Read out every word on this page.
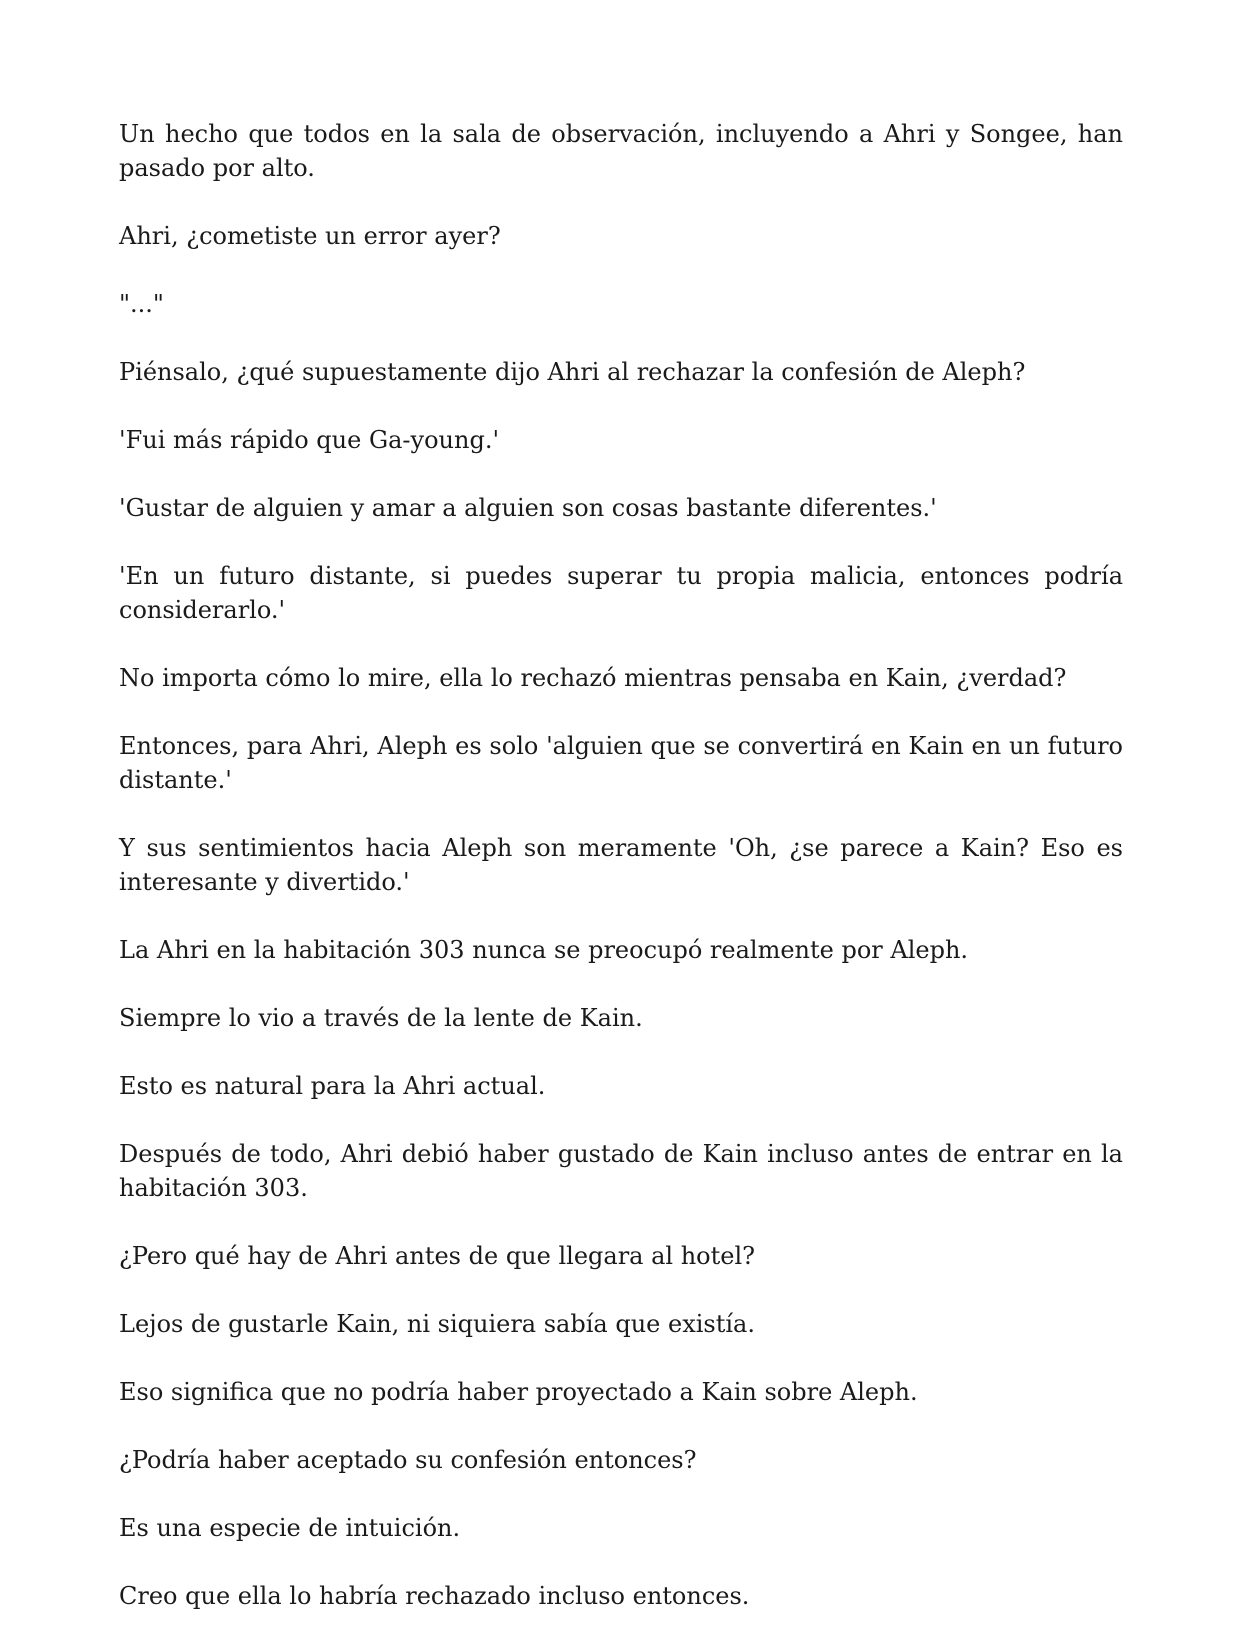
Un hecho que todos en la sala de observación, incluyendo a Ahri y Songee, han pasado por alto.

Ahri, ¿cometiste un error ayer?

"..."

Piénsalo, ¿qué supuestamente dijo Ahri al rechazar la confesión de Aleph?

'Fui más rápido que Ga-young.'

'Gustar de alguien y amar a alguien son cosas bastante diferentes.'

'En un futuro distante, si puedes superar tu propia malicia, entonces podría considerarlo.'

No importa cómo lo mire, ella lo rechazó mientras pensaba en Kain, ¿verdad?

Entonces, para Ahri, Aleph es solo 'alguien que se convertirá en Kain en un futuro distante.'

Y sus sentimientos hacia Aleph son meramente 'Oh, ¿se parece a Kain? Eso es interesante y divertido.'

La Ahri en la habitación 303 nunca se preocupó realmente por Aleph.

Siempre lo vio a través de la lente de Kain.

Esto es natural para la Ahri actual.

Después de todo, Ahri debió haber gustado de Kain incluso antes de entrar en la habitación 303.

¿Pero qué hay de Ahri antes de que llegara al hotel?

Lejos de gustarle Kain, ni siquiera sabía que existía.

Eso significa que no podría haber proyectado a Kain sobre Aleph.

¿Podría haber aceptado su confesión entonces?

Es una especie de intuición.

Creo que ella lo habría rechazado incluso entonces.
